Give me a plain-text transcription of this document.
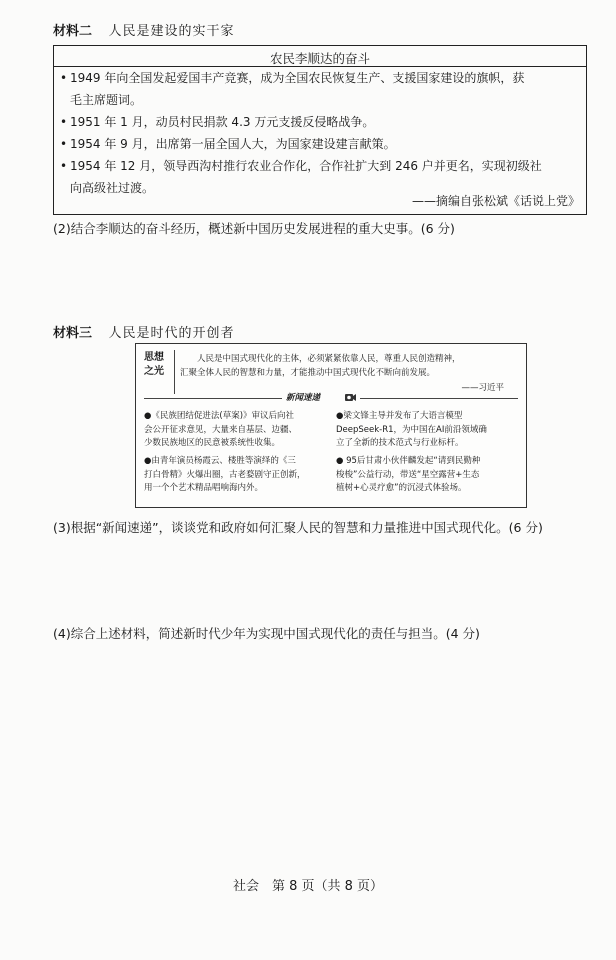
材料二 人民是建设的实干家
农民李顺达的奋斗
• 1949 年向全国发起爱国丰产竞赛，成为全国农民恢复生产、支援国家建设的旗帜，获
毛主席题词。
• 1951 年 1 月，动员村民捐款 4.3 万元支援反侵略战争。
• 1954 年 9 月，出席第一届全国人大，为国家建设建言献策。
• 1954 年 12 月，领导西沟村推行农业合作化，合作社扩大到 246 户并更名，实现初级社
向高级社过渡。
——摘编自张松斌《话说上党》
(2)结合李顺达的奋斗经历，概述新中国历史发展进程的重大史事。(6 分)
材料三 人民是时代的开创者
思想
之光
人民是中国式现代化的主体，必须紧紧依靠人民，尊重人民创造精神，
汇聚全体人民的智慧和力量，才能推动中国式现代化不断向前发展。
——习近平
新闻速递
●《民族团结促进法(草案)》审议后向社
会公开征求意见，大量来自基层、边疆、
少数民族地区的民意被系统性收集。
●梁文锋主导并发布了大语言模型
DeepSeek-R1，为中国在AI前沿领域确
立了全新的技术范式与行业标杆。
●由青年演员杨霞云、楼胜等演绎的《三
打白骨精》火爆出圈，古老婺剧守正创新，
用一个个艺术精品唱响海内外。
● 95后甘肃小伙伴麟发起“请到民勤种
梭梭”公益行动，带送“星空露营+生态
植树+心灵疗愈”的沉浸式体验场。
(3)根据“新闻速递”，谈谈党和政府如何汇聚人民的智慧和力量推进中国式现代化。(6 分)
(4)综合上述材料，简述新时代少年为实现中国式现代化的责任与担当。(4 分)
社会　第 8 页（共 8 页）
